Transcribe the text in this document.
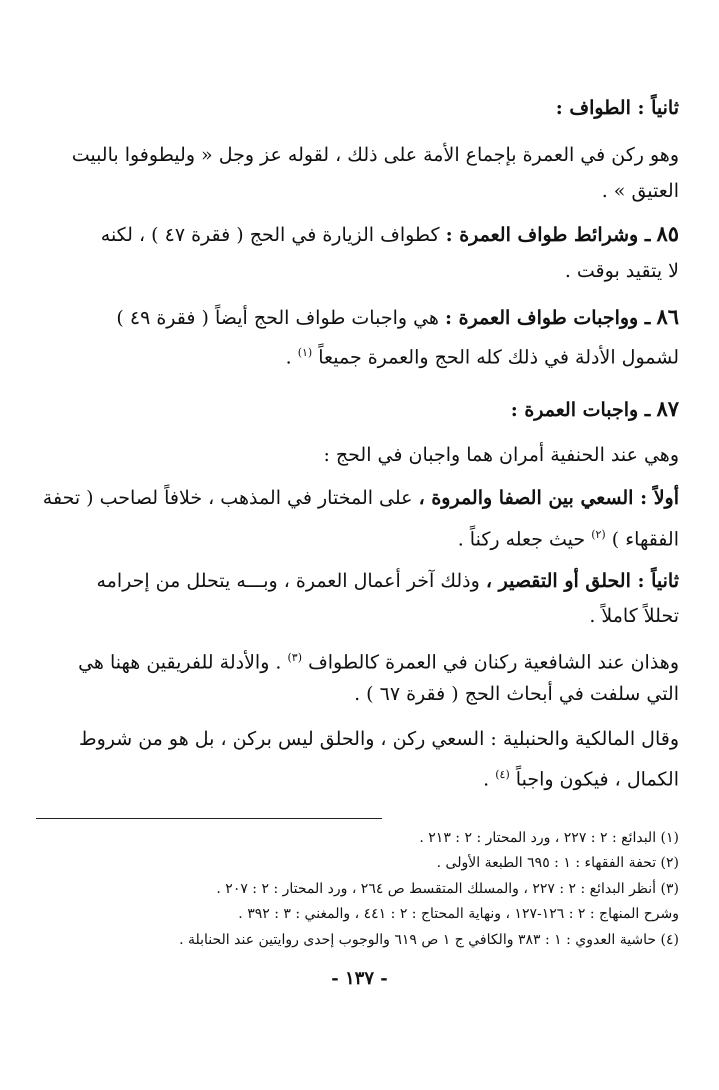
ثانياً : الطواف :
وهو ركن في العمرة بإجماع الأمة على ذلك ، لقوله عز وجل « وليطوفوا بالبيت
العتيق » .
٨٥ ـ وشرائط طواف العمرة : كطواف الزيارة في الحج ( فقرة ٤٧ ) ، لكنه
لا يتقيد بوقت .
٨٦ ـ وواجبات طواف العمرة : هي واجبات طواف الحج أيضاً ( فقرة ٤٩ )
لشمول الأدلة في ذلك كله الحج والعمرة جميعاً $^{(١)}$ .
٨٧ ـ واجبات العمرة :
وهي عند الحنفية أمران هما واجبان في الحج :
أولاً : السعي بين الصفا والمروة ، على المختار في المذهب ، خلافاً لصاحب ( تحفة
الفقهاء ) $^{(٢)}$ حيث جعله ركناً .
ثانياً : الحلق أو التقصير ، وذلك آخر أعمال العمرة ، وبـــه يتحلل من إحرامه
تحللاً كاملاً .
وهذان عند الشافعية ركنان في العمرة كالطواف $^{(٣)}$ . والأدلة للفريقين ههنا هي
التي سلفت في أبحاث الحج ( فقرة ٦٧ ) .
وقال المالكية والحنبلية : السعي ركن ، والحلق ليس بركن ، بل هو من شروط
الكمال ، فيكون واجباً $^{(٤)}$ .
(١) البدائع : ٢ : ٢٢٧ ، ورد المحتار : ٢ : ٢١٣ .
(٢) تحفة الفقهاء : ١ : ٦٩٥ الطبعة الأولى .
(٣) أنظر البدائع : ٢ : ٢٢٧ ، والمسلك المتقسط ص ٢٦٤ ، ورد المحتار : ٢ : ٢٠٧ .
وشرح المنهاج : ٢ : ١٢٦-١٢٧ ، ونهاية المحتاج : ٢ : ٤٤١ ، والمغني : ٣ : ٣٩٢ .
(٤) حاشية العدوي : ١ : ٣٨٣ والكافي ج ١ ص ٦١٩ والوجوب إحدى روايتين عند الحنابلة .
- ١٣٧ -
